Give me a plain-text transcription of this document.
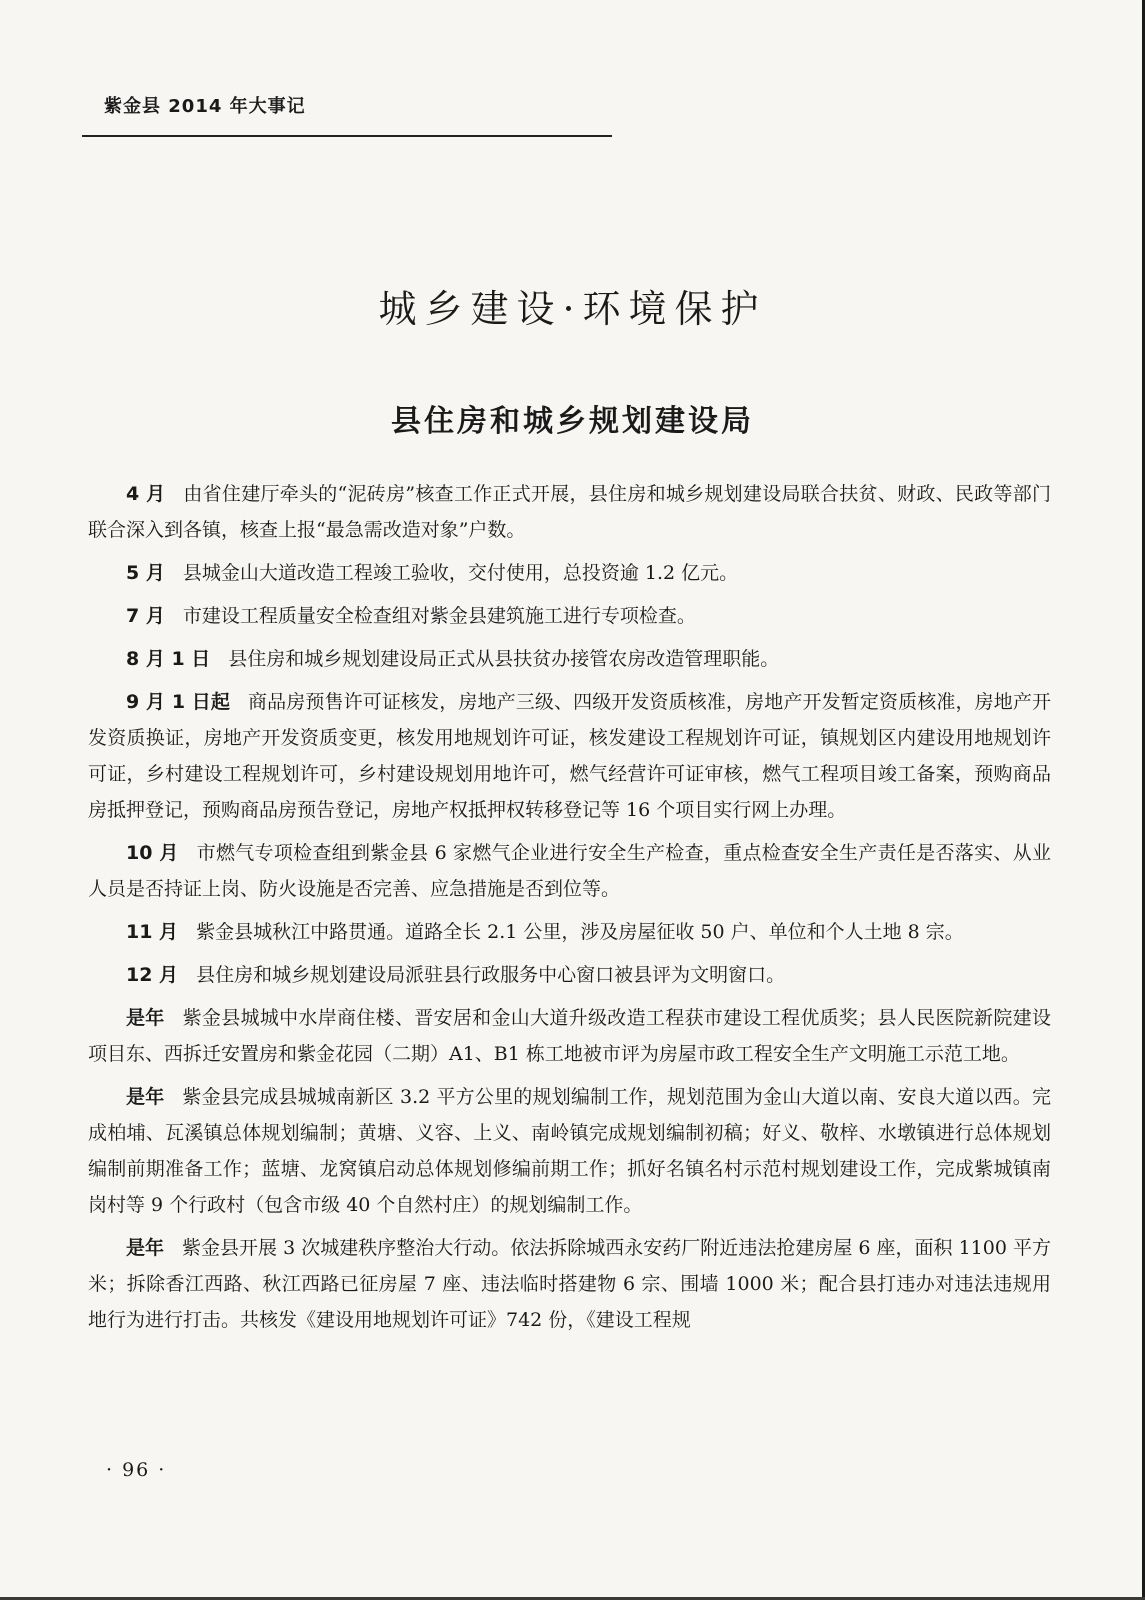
紫金县 2014 年大事记
城乡建设·环境保护
县住房和城乡规划建设局

4 月 由省住建厅牵头的“泥砖房”核查工作正式开展，县住房和城乡规划建设局联合扶贫、财政、民政等部门联合深入到各镇，核查上报“最急需改造对象”户数。

5 月 县城金山大道改造工程竣工验收，交付使用，总投资逾 1.2 亿元。

7 月 市建设工程质量安全检查组对紫金县建筑施工进行专项检查。

8 月 1 日 县住房和城乡规划建设局正式从县扶贫办接管农房改造管理职能。

9 月 1 日起 商品房预售许可证核发，房地产三级、四级开发资质核准，房地产开发暂定资质核准，房地产开发资质换证，房地产开发资质变更，核发用地规划许可证，核发建设工程规划许可证，镇规划区内建设用地规划许可证，乡村建设工程规划许可，乡村建设规划用地许可，燃气经营许可证审核，燃气工程项目竣工备案，预购商品房抵押登记，预购商品房预告登记，房地产权抵押权转移登记等 16 个项目实行网上办理。

10 月 市燃气专项检查组到紫金县 6 家燃气企业进行安全生产检查，重点检查安全生产责任是否落实、从业人员是否持证上岗、防火设施是否完善、应急措施是否到位等。

11 月 紫金县城秋江中路贯通。道路全长 2.1 公里，涉及房屋征收 50 户、单位和个人土地 8 宗。

12 月 县住房和城乡规划建设局派驻县行政服务中心窗口被县评为文明窗口。

是年 紫金县城城中水岸商住楼、晋安居和金山大道升级改造工程获市建设工程优质奖；县人民医院新院建设项目东、西拆迁安置房和紫金花园（二期）A1、B1 栋工地被市评为房屋市政工程安全生产文明施工示范工地。

是年 紫金县完成县城城南新区 3.2 平方公里的规划编制工作，规划范围为金山大道以南、安良大道以西。完成柏埔、瓦溪镇总体规划编制；黄塘、义容、上义、南岭镇完成规划编制初稿；好义、敬梓、水墩镇进行总体规划编制前期准备工作；蓝塘、龙窝镇启动总体规划修编前期工作；抓好名镇名村示范村规划建设工作，完成紫城镇南岗村等 9 个行政村（包含市级 40 个自然村庄）的规划编制工作。

是年 紫金县开展 3 次城建秩序整治大行动。依法拆除城西永安药厂附近违法抢建房屋 6 座，面积 1100 平方米；拆除香江西路、秋江西路已征房屋 7 座、违法临时搭建物 6 宗、围墙 1000 米；配合县打违办对违法违规用地行为进行打击。共核发《建设用地规划许可证》742 份，《建设工程规

· 96 ·
